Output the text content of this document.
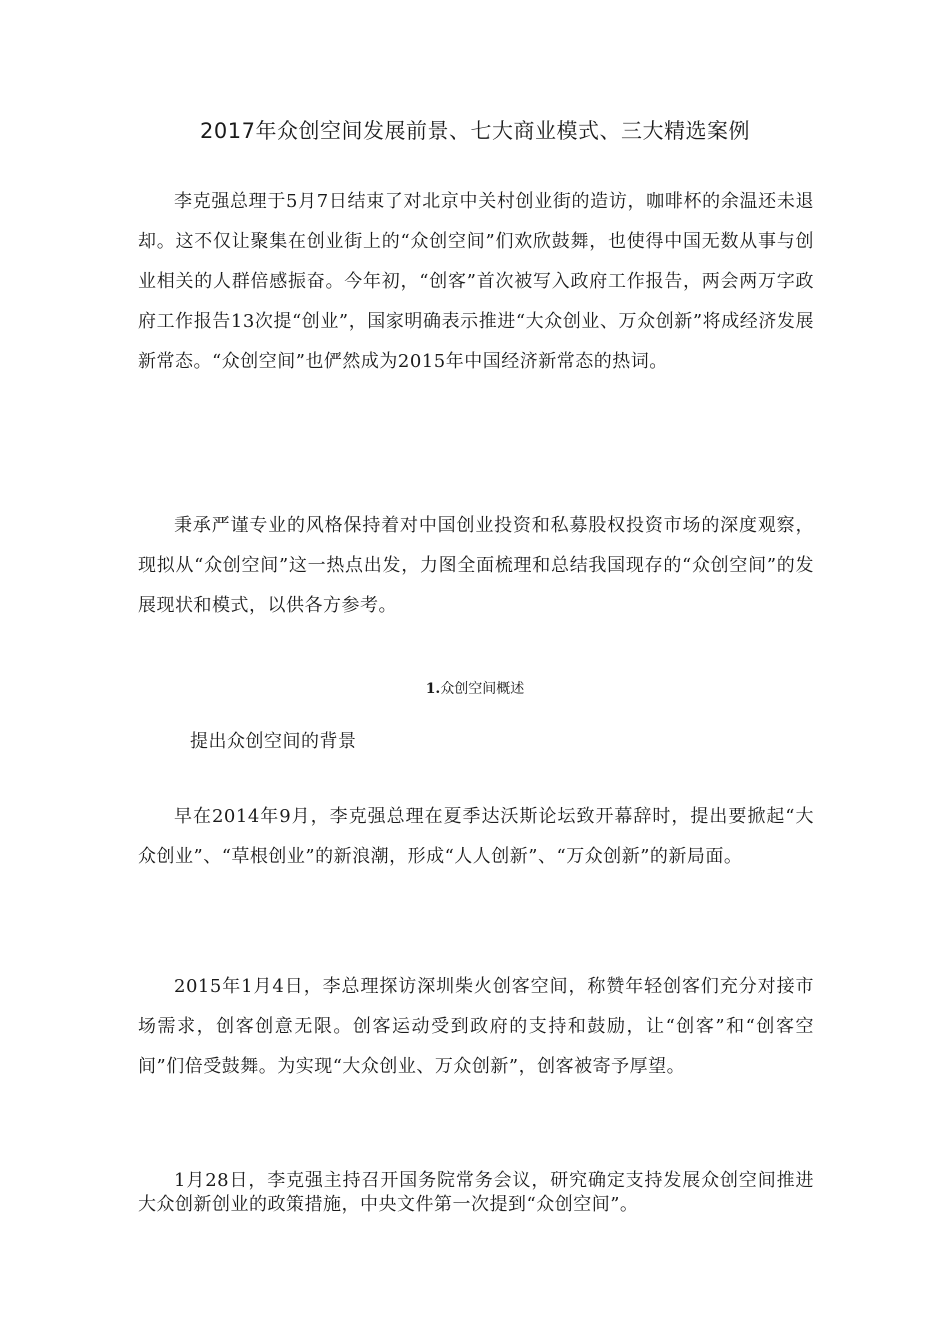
2017年众创空间发展前景、七大商业模式、三大精选案例

李克强总理于5月7日结束了对北京中关村创业街的造访，咖啡杯的余温还未退却。这不仅让聚集在创业街上的“众创空间”们欢欣鼓舞，也使得中国无数从事与创业相关的人群倍感振奋。今年初，“创客”首次被写入政府工作报告，两会两万字政府工作报告13次提“创业”，国家明确表示推进“大众创业、万众创新”将成经济发展新常态。“众创空间”也俨然成为2015年中国经济新常态的热词。

秉承严谨专业的风格保持着对中国创业投资和私募股权投资市场的深度观察，现拟从“众创空间”这一热点出发，力图全面梳理和总结我国现存的“众创空间”的发展现状和模式，以供各方参考。

1.众创空间概述
提出众创空间的背景

早在2014年9月，李克强总理在夏季达沃斯论坛致开幕辞时，提出要掀起“大众创业”、“草根创业”的新浪潮，形成“人人创新”、“万众创新”的新局面。

2015年1月4日，李总理探访深圳柴火创客空间，称赞年轻创客们充分对接市场需求，创客创意无限。创客运动受到政府的支持和鼓励，让“创客”和“创客空间”们倍受鼓舞。为实现“大众创业、万众创新”，创客被寄予厚望。

1月28日，李克强主持召开国务院常务会议，研究确定支持发展众创空间推进大众创新创业的政策措施，中央文件第一次提到“众创空间”。
